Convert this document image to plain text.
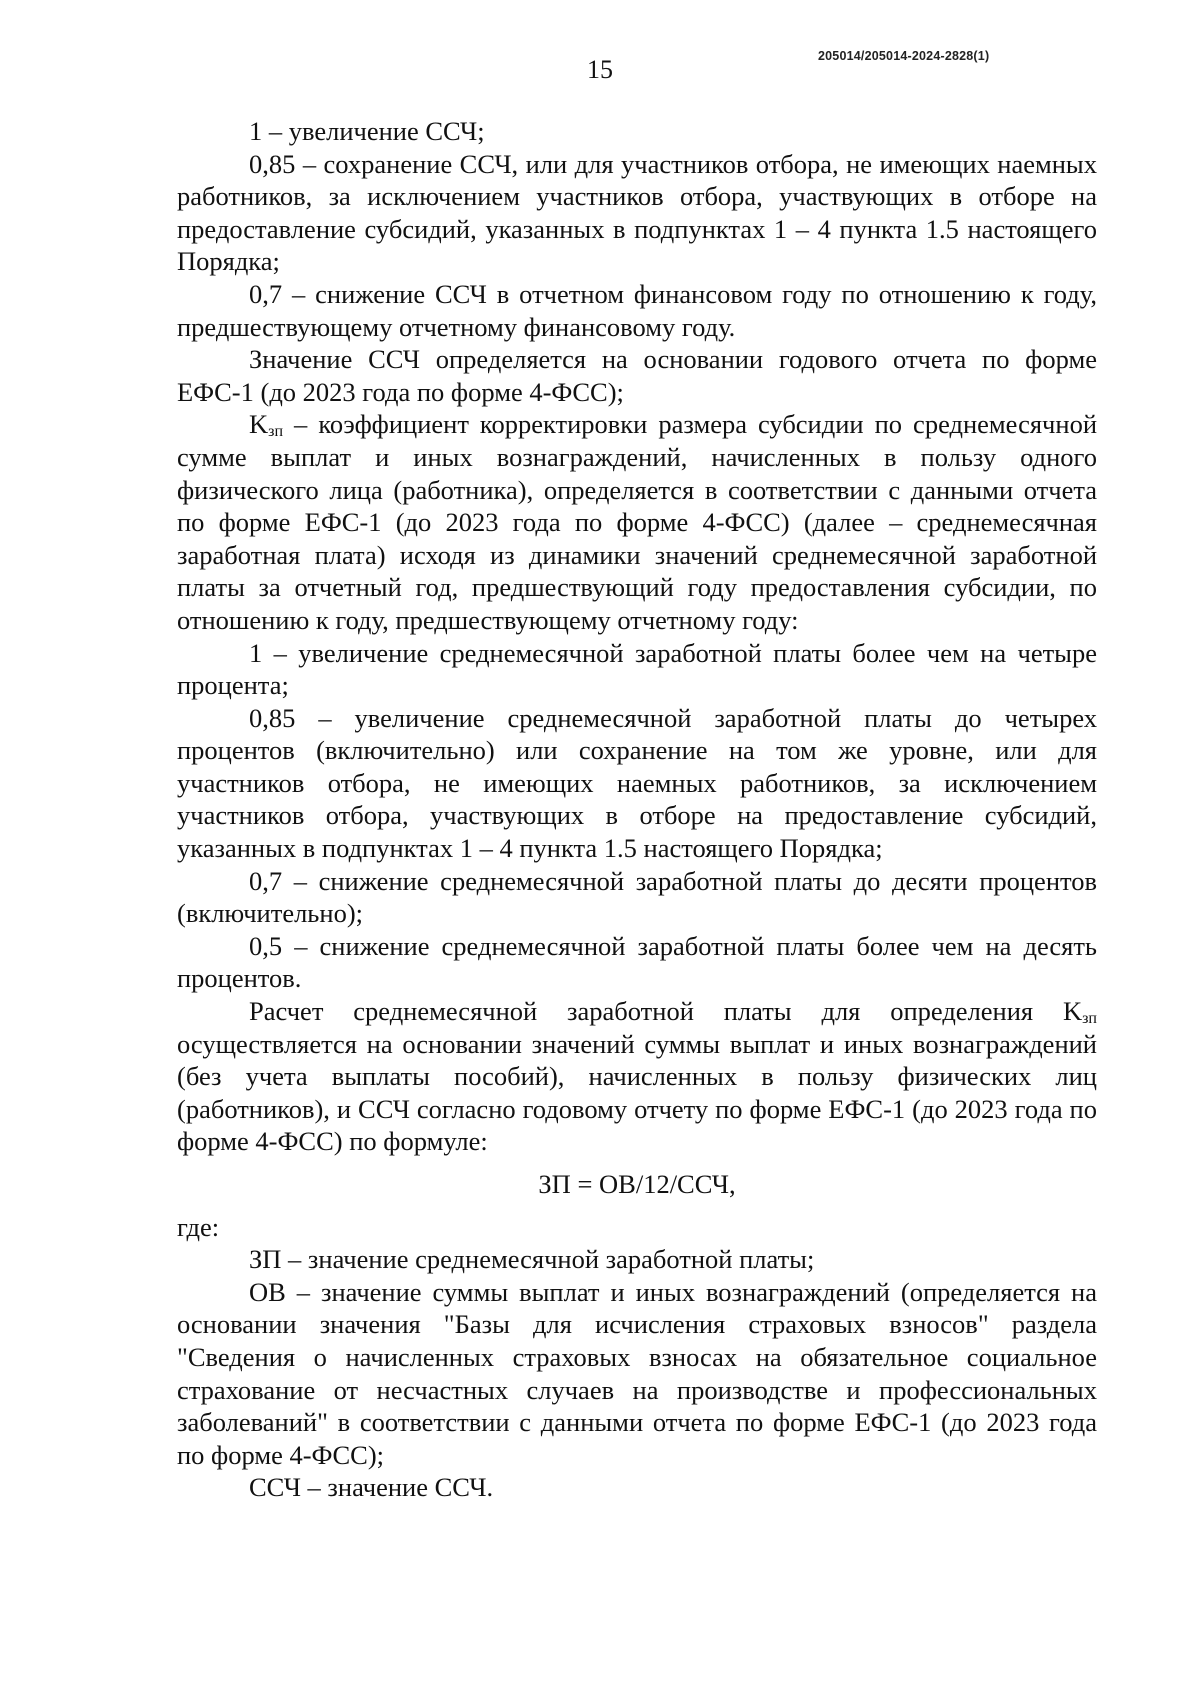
15	205014/205014-2024-2828(1)

1 – увеличение ССЧ;

0,85 – сохранение ССЧ, или для участников отбора, не имеющих наемных работников, за исключением участников отбора, участвующих в отборе на предоставление субсидий, указанных в подпунктах 1 – 4 пункта 1.5 настоящего Порядка;

0,7 – снижение ССЧ в отчетном финансовом году по отношению к году, предшествующему отчетному финансовому году.

Значение ССЧ определяется на основании годового отчета по форме ЕФС-1 (до 2023 года по форме 4-ФСС);

$K_{зп}$ – коэффициент корректировки размера субсидии по среднемесячной сумме выплат и иных вознаграждений, начисленных в пользу одного физического лица (работника), определяется в соответствии с данными отчета по форме ЕФС-1 (до 2023 года по форме 4-ФСС) (далее – среднемесячная заработная плата) исходя из динамики значений среднемесячной заработной платы за отчетный год, предшествующий году предоставления субсидии, по отношению к году, предшествующему отчетному году:

1 – увеличение среднемесячной заработной платы более чем на четыре процента;

0,85 – увеличение среднемесячной заработной платы до четырех процентов (включительно) или сохранение на том же уровне, или для участников отбора, не имеющих наемных работников, за исключением участников отбора, участвующих в отборе на предоставление субсидий, указанных в подпунктах 1 – 4 пункта 1.5 настоящего Порядка;

0,7 – снижение среднемесячной заработной платы до десяти процентов (включительно);

0,5 – снижение среднемесячной заработной платы более чем на десять процентов.

Расчет среднемесячной заработной платы для определения $K_{зп}$ осуществляется на основании значений суммы выплат и иных вознаграждений (без учета выплаты пособий), начисленных в пользу физических лиц (работников), и ССЧ согласно годовому отчету по форме ЕФС-1 (до 2023 года по форме 4-ФСС) по формуле:

ЗП = ОВ/12/ССЧ,

где:

ЗП – значение среднемесячной заработной платы;

ОВ – значение суммы выплат и иных вознаграждений (определяется на основании значения "Базы для исчисления страховых взносов" раздела "Сведения о начисленных страховых взносах на обязательное социальное страхование от несчастных случаев на производстве и профессиональных заболеваний" в соответствии с данными отчета по форме ЕФС-1 (до 2023 года по форме 4-ФСС);

ССЧ – значение ССЧ.
